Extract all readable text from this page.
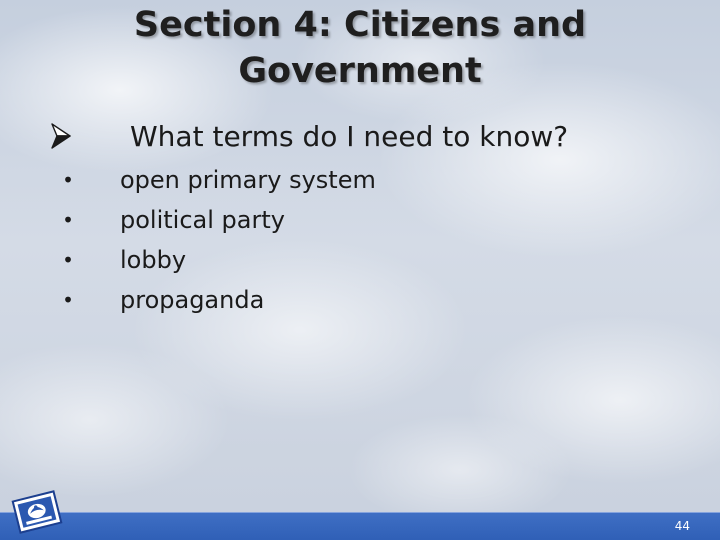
Section 4: Citizens and Government
What terms do I need to know?
• open primary system
• political party
• lobby
• propaganda
44
